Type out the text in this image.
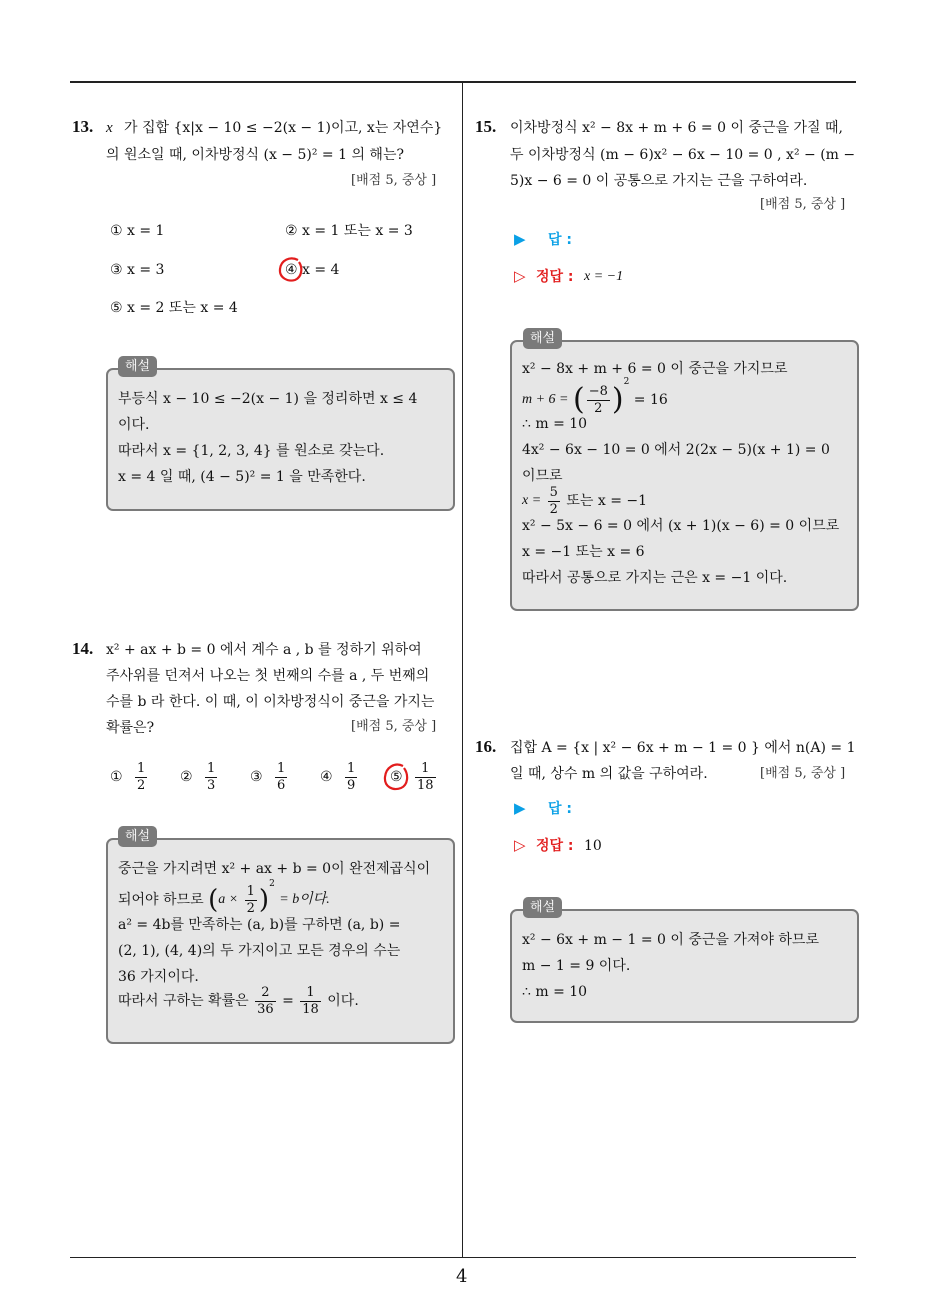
13. x 가 집합 {x|x − 10 ≤ −2(x − 1)이고, x는 자연수}
의 원소일 때, 이차방정식 (x − 5)² = 1 의 해는?
[배점 5, 중상 ]
① x = 1	② x = 1 또는 x = 3
③ x = 3	④ x = 4
⑤ x = 2 또는 x = 4
해설
부등식 x − 10 ≤ −2(x − 1) 을 정리하면 x ≤ 4
이다.
따라서 x = {1, 2, 3, 4} 를 원소로 갖는다.
x = 4 일 때, (4 − 5)² = 1 을 만족한다.
14. x² + ax + b = 0 에서 계수 a , b 를 정하기 위하여
주사위를 던져서 나오는 첫 번째의 수를 a , 두 번째의
수를 b 라 한다. 이 때, 이 이차방정식이 중근을 가지는
확률은?	[배점 5, 중상 ]
① $\frac{1}{2}$ ② $\frac{1}{3}$ ③ $\frac{1}{6}$ ④ $\frac{1}{9}$ ⑤ $\frac{1}{18}$
해설
중근을 가지려면 x² + ax + b = 0이 완전제곱식이
되어야 하므로 $(a \times \frac{1}{2} )^2 = b$이다.
a² = 4b를 만족하는 (a, b)를 구하면 (a, b) =
(2, 1), (4, 4)의 두 가지이고 모든 경우의 수는
36 가지이다.
따라서 구하는 확률은 $\frac{2}{36} = \frac{1}{18}$ 이다.
15. 이차방정식 x² − 8x + m + 6 = 0 이 중근을 가질 때,
두 이차방정식 (m − 6)x² − 6x − 10 = 0 , x² − (m −
5)x − 6 = 0 이 공통으로 가지는 근을 구하여라.
[배점 5, 중상 ]
▶ 답 :
▷ 정답 : x = −1
해설
x² − 8x + m + 6 = 0 이 중근을 가지므로
m + 6 = ( $\frac{-8}{2} )^2 = 16$
∴ m = 10
4x² − 6x − 10 = 0 에서 2(2x − 5)(x + 1) = 0
이므로
$x = \frac{5}{2}$ 또는 x = −1
x² − 5x − 6 = 0 에서 (x + 1)(x − 6) = 0 이므로
x = −1 또는 x = 6
따라서 공통으로 가지는 근은 x = −1 이다.
16. 집합 A = {x | x² − 6x + m − 1 = 0 } 에서 n(A) = 1
일 때, 상수 m 의 값을 구하여라.	[배점 5, 중상 ]
▶ 답 :
▷ 정답 : 10
해설
x² − 6x + m − 1 = 0 이 중근을 가져야 하므로
m − 1 = 9 이다.
∴ m = 10
4
